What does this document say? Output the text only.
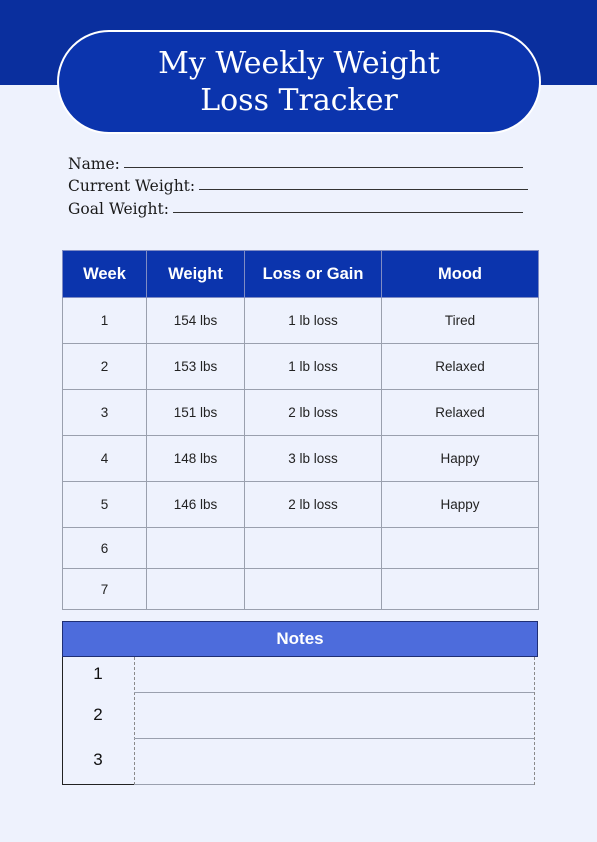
My Weekly Weight
Loss Tracker
Name:
Current Weight:
Goal Weight:
Week	Weight	Loss or Gain	Mood
1	154 lbs	1 lb loss	Tired
2	153 lbs	1 lb loss	Relaxed
3	151 lbs	2 lb loss	Relaxed
4	148 lbs	3 lb loss	Happy
5	146 lbs	2 lb loss	Happy
6			
7			
Notes
1
2
3
